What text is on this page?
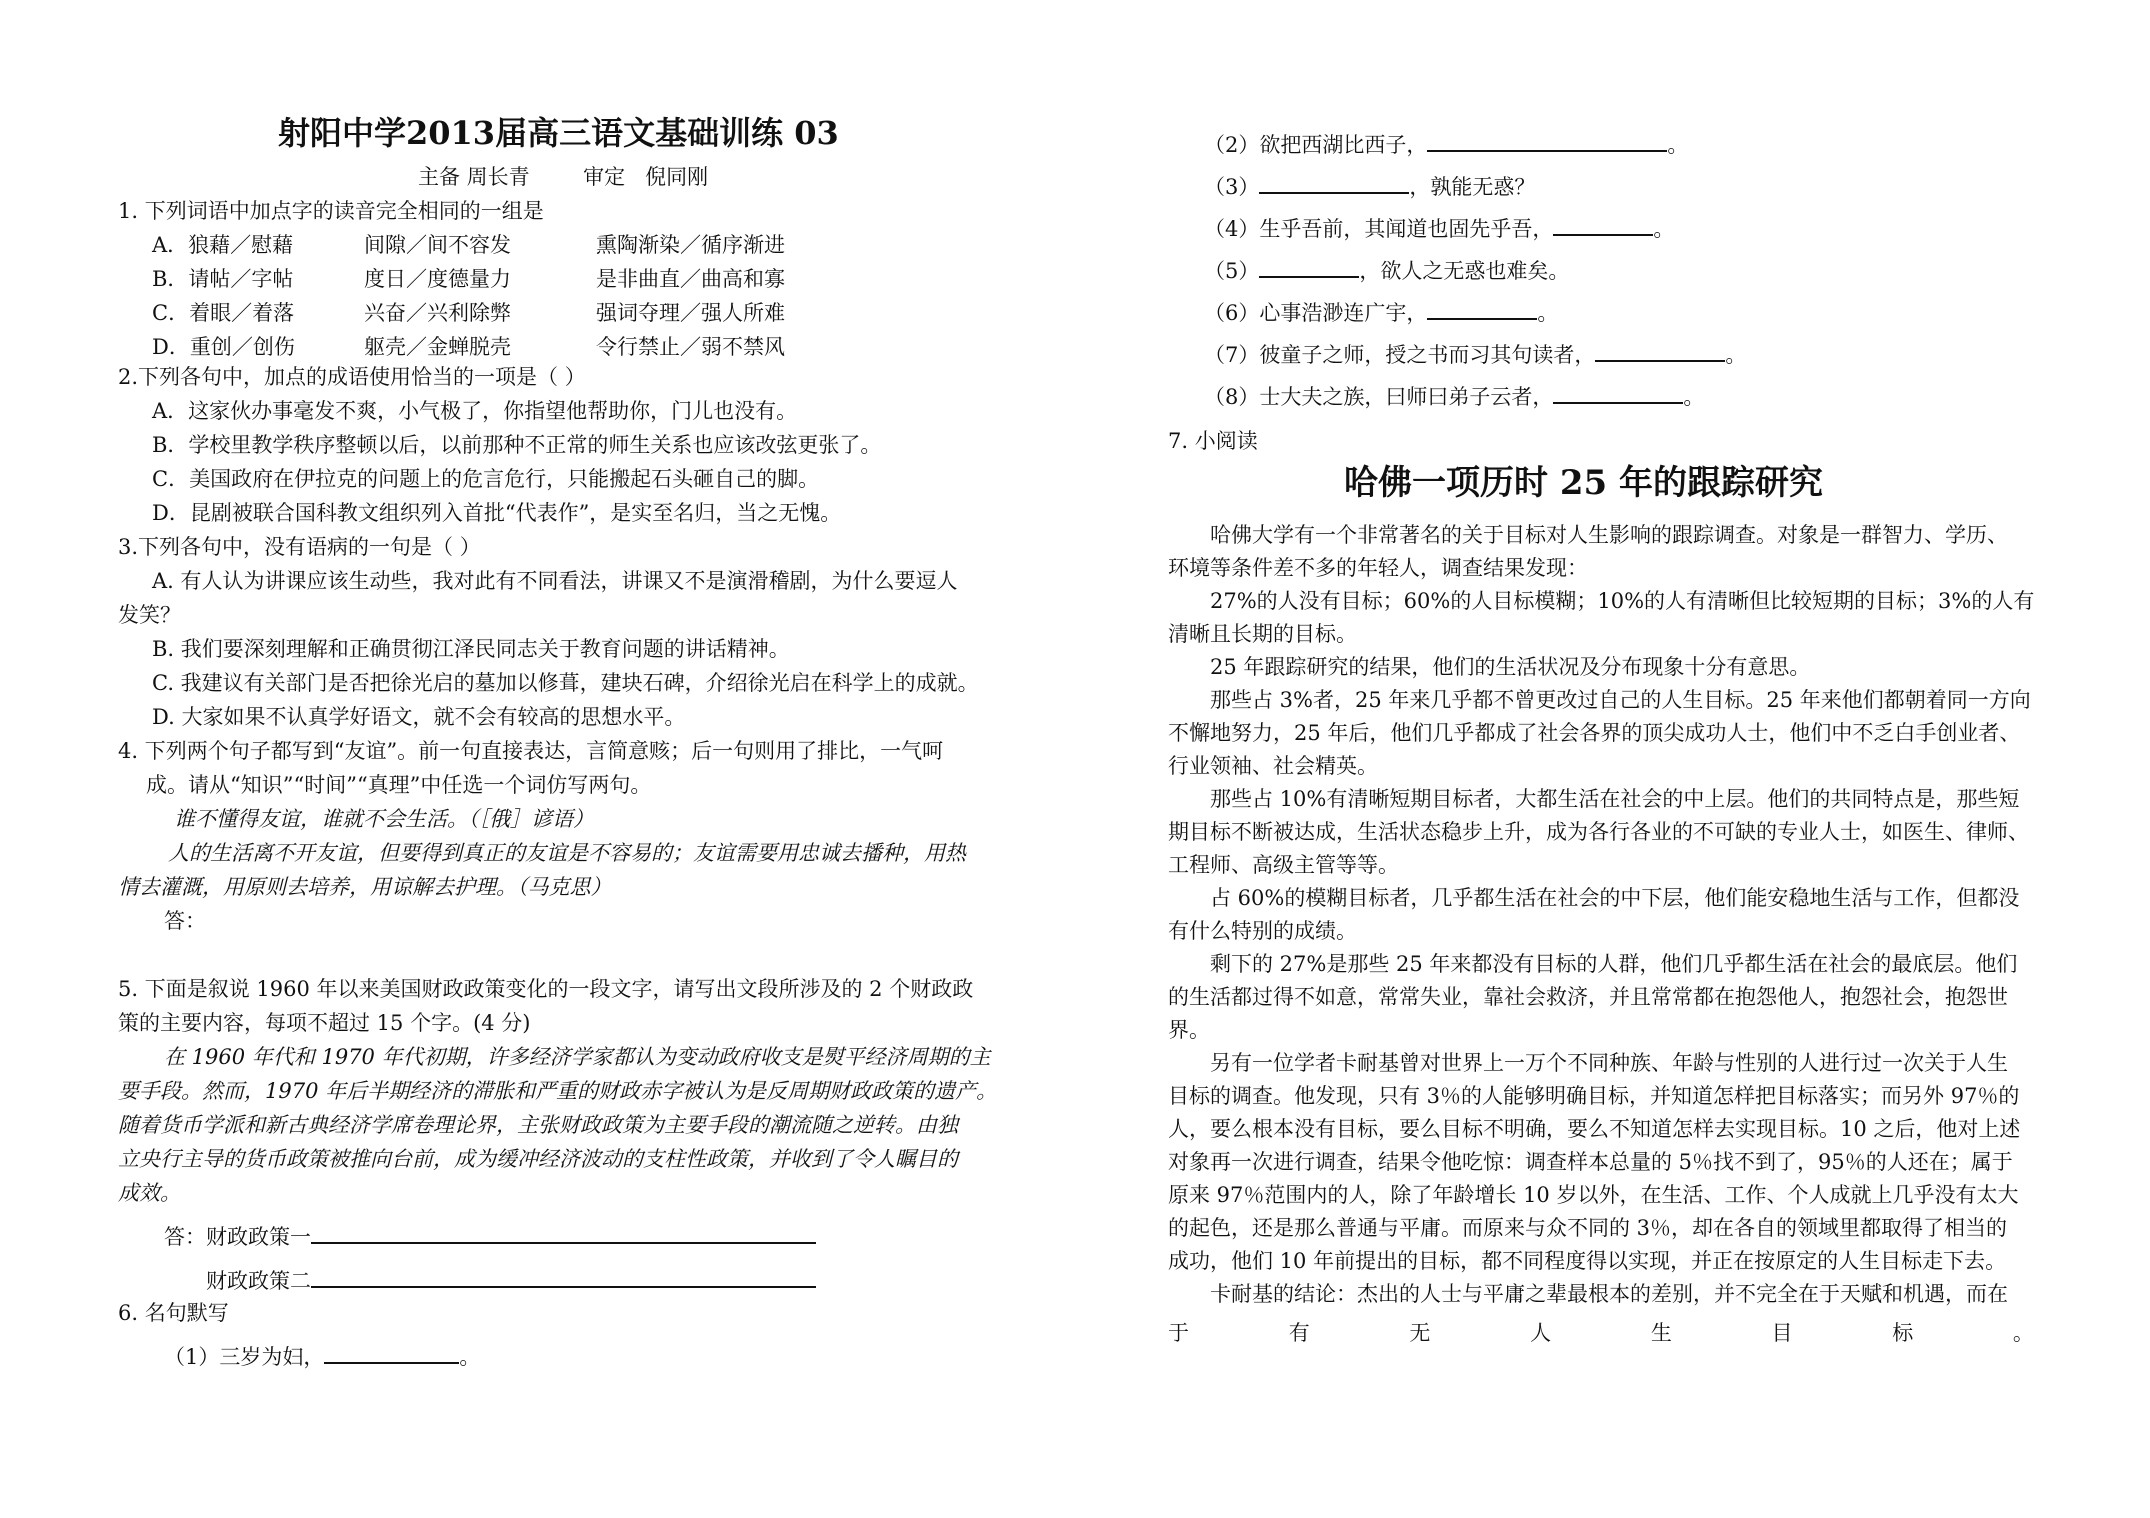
射阳中学2013届高三语文基础训练 03
主备 周长青        审定   倪同刚
1. 下列词语中加点字的读音完全相同的一组是
A．狼藉／慰藉	间隙／间不容发	熏陶渐染／循序渐进
B．请帖／字帖	度日／度德量力	是非曲直／曲高和寡
C．着眼／着落	兴奋／兴利除弊	强词夺理／强人所难
D．重创／创伤	躯壳／金蝉脱壳	令行禁止／弱不禁风
2.下列各句中，加点的成语使用恰当的一项是（ ）
A．这家伙办事毫发不爽，小气极了，你指望他帮助你，门儿也没有。
B．学校里教学秩序整顿以后，以前那种不正常的师生关系也应该改弦更张了。
C．美国政府在伊拉克的问题上的危言危行，只能搬起石头砸自己的脚。
D．昆剧被联合国科教文组织列入首批“代表作”，是实至名归，当之无愧。
3.下列各句中，没有语病的一句是（ ）
A. 有人认为讲课应该生动些，我对此有不同看法，讲课又不是演滑稽剧，为什么要逗人
发笑？
B. 我们要深刻理解和正确贯彻江泽民同志关于教育问题的讲话精神。
C. 我建议有关部门是否把徐光启的墓加以修葺，建块石碑，介绍徐光启在科学上的成就。
D. 大家如果不认真学好语文，就不会有较高的思想水平。
4. 下列两个句子都写到“友谊”。前一句直接表达，言简意赅；后一句则用了排比，一气呵
成。请从“知识”“时间”“真理”中任选一个词仿写两句。
谁不懂得友谊，谁就不会生活。（［俄］谚语）
人的生活离不开友谊，但要得到真正的友谊是不容易的；友谊需要用忠诚去播种，用热
情去灌溉，用原则去培养，用谅解去护理。（马克思）
答：
5. 下面是叙说 1960 年以来美国财政政策变化的一段文字，请写出文段所涉及的 2 个财政政
策的主要内容，每项不超过 15 个字。(4 分)
在 1960 年代和 1970 年代初期，许多经济学家都认为变动政府收支是熨平经济周期的主
要手段。然而，1970 年后半期经济的滞胀和严重的财政赤字被认为是反周期财政政策的遗产。
随着货币学派和新古典经济学席卷理论界，主张财政政策为主要手段的潮流随之逆转。由独
立央行主导的货币政策被推向台前，成为缓冲经济波动的支柱性政策，并收到了令人瞩目的
成效。
答：财政政策一
财政政策二
6. 名句默写
（1）三岁为妇，	。
（2）欲把西湖比西子，	。
（3）	，孰能无惑？
（4）生乎吾前，其闻道也固先乎吾，	。
（5）	，欲人之无惑也难矣。
（6）心事浩渺连广宇，	。
（7）彼童子之师，授之书而习其句读者，	。
（8）士大夫之族，曰师曰弟子云者，	。
7. 小阅读
哈佛一项历时 25 年的跟踪研究
哈佛大学有一个非常著名的关于目标对人生影响的跟踪调查。对象是一群智力、学历、
环境等条件差不多的年轻人，调查结果发现：
27%的人没有目标；60%的人目标模糊；10%的人有清晰但比较短期的目标；3%的人有
清晰且长期的目标。
25 年跟踪研究的结果，他们的生活状况及分布现象十分有意思。
那些占 3%者，25 年来几乎都不曾更改过自己的人生目标。25 年来他们都朝着同一方向
不懈地努力，25 年后，他们几乎都成了社会各界的顶尖成功人士，他们中不乏白手创业者、
行业领袖、社会精英。
那些占 10%有清晰短期目标者，大都生活在社会的中上层。他们的共同特点是，那些短
期目标不断被达成，生活状态稳步上升，成为各行各业的不可缺的专业人士，如医生、律师、
工程师、高级主管等等。
占 60%的模糊目标者，几乎都生活在社会的中下层，他们能安稳地生活与工作，但都没
有什么特别的成绩。
剩下的 27%是那些 25 年来都没有目标的人群，他们几乎都生活在社会的最底层。他们
的生活都过得不如意，常常失业，靠社会救济，并且常常都在抱怨他人，抱怨社会，抱怨世
界。
另有一位学者卡耐基曾对世界上一万个不同种族、年龄与性别的人进行过一次关于人生
目标的调查。他发现，只有 3％的人能够明确目标，并知道怎样把目标落实；而另外 97％的
人，要么根本没有目标，要么目标不明确，要么不知道怎样去实现目标。10 之后，他对上述
对象再一次进行调查，结果令他吃惊：调查样本总量的 5％找不到了，95％的人还在；属于
原来 97％范围内的人，除了年龄增长 10 岁以外，在生活、工作、个人成就上几乎没有太大
的起色，还是那么普通与平庸。而原来与众不同的 3％，却在各自的领域里都取得了相当的
成功，他们 10 年前提出的目标，都不同程度得以实现，并正在按原定的人生目标走下去。
卡耐基的结论：杰出的人士与平庸之辈最根本的差别，并不完全在于天赋和机遇，而在
于	有	无	人	生	目	标	。
